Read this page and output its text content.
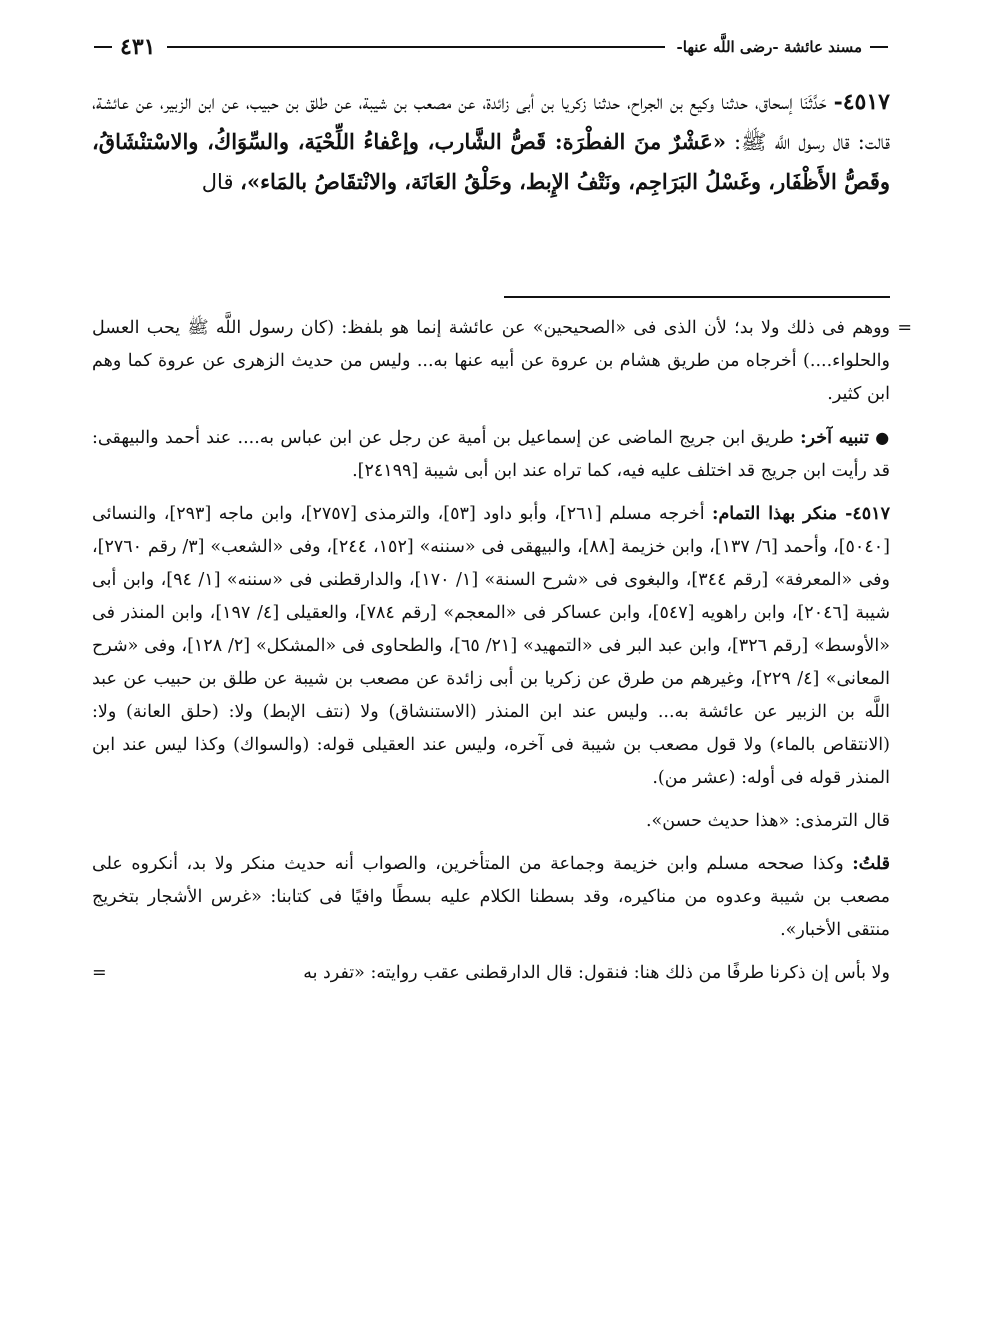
مسند عائشة -رضى اللَّه عنها-
٤٣١

٤٥١٧- حَدَّثَنَا إسحاق، حدثنا وكيع بن الجراح، حدثنا زكريا بن أبى زائدة، عن مصعب بن شيبة، عن طلق بن حبيب، عن ابن الزبير، عن عائشة، قالت: قال رسول اللَّه ﷺ: «عَشْرٌ منَ الفطْرَة: قَصُّ الشَّارب، وإعْفاءُ اللِّحْيَة، والسِّوَاكُ، والاسْتنْشَاقُ، وقَصُّ الأَظْفَار، وغَسْلُ البَرَاجِم، ونَتْفُ الإِبط، وحَلْقُ العَانَة، والانْتقَاصُ بالمَاء»، قال

=
ووهم فى ذلك ولا بد؛ لأن الذى فى «الصحيحين» عن عائشة إنما هو بلفظ: (كان رسول اللَّه ﷺ يحب العسل والحلواء....) أخرجاه من طريق هشام بن عروة عن أبيه عنها به... وليس من حديث الزهرى عن عروة كما وهم ابن كثير.

● تنبيه آخر: طريق ابن جريج الماضى عن إسماعيل بن أمية عن رجل عن ابن عباس به.... عند أحمد والبيهقى: قد رأيت ابن جريج قد اختلف عليه فيه، كما تراه عند ابن أبى شيبة [٢٤١٩٩].

٤٥١٧- منكر بهذا التمام: أخرجه مسلم [٢٦١]، وأبو داود [٥٣]، والترمذى [٢٧٥٧]، وابن ماجه [٢٩٣]، والنسائى [٥٠٤٠]، وأحمد [٦/ ١٣٧]، وابن خزيمة [٨٨]، والبيهقى فى «سننه» [١٥٢، ٢٤٤]، وفى «الشعب» [٣/ رقم ٢٧٦٠]، وفى «المعرفة» [رقم ٣٤٤]، والبغوى فى «شرح السنة» [١/ ١٧٠]، والدارقطنى فى «سننه» [١/ ٩٤]، وابن أبى شيبة [٢٠٤٦]، وابن راهويه [٥٤٧]، وابن عساكر فى «المعجم» [رقم ٧٨٤]، والعقيلى [٤/ ١٩٧]، وابن المنذر فى «الأوسط» [رقم ٣٢٦]، وابن عبد البر فى «التمهيد» [٢١/ ٦٥]، والطحاوى فى «المشكل» [٢/ ١٢٨]، وفى «شرح المعانى» [٤/ ٢٢٩]، وغيرهم من طرق عن زكريا بن أبى زائدة عن مصعب بن شيبة عن طلق بن حبيب عن عبد اللَّه بن الزبير عن عائشة به... وليس عند ابن المنذر (الاستنشاق) ولا (نتف الإبط) ولا: (حلق العانة) ولا: (الانتقاص بالماء) ولا قول مصعب بن شيبة فى آخره، وليس عند العقيلى قوله: (والسواك) وكذا ليس عند ابن المنذر قوله فى أوله: (عشر من).

قال الترمذى: «هذا حديث حسن».

قلتُ: وكذا صححه مسلم وابن خزيمة وجماعة من المتأخرين، والصواب أنه حديث منكر ولا بد، أنكروه على مصعب بن شيبة وعدوه من مناكيره، وقد بسطنا الكلام عليه بسطًا وافيًا فى كتابنا: «غرس الأشجار بتخريج منتقى الأخبار».

ولا بأس إن ذكرنا طرفًا من ذلك هنا: فنقول: قال الدارقطنى عقب روايته: «تفرد به
=
